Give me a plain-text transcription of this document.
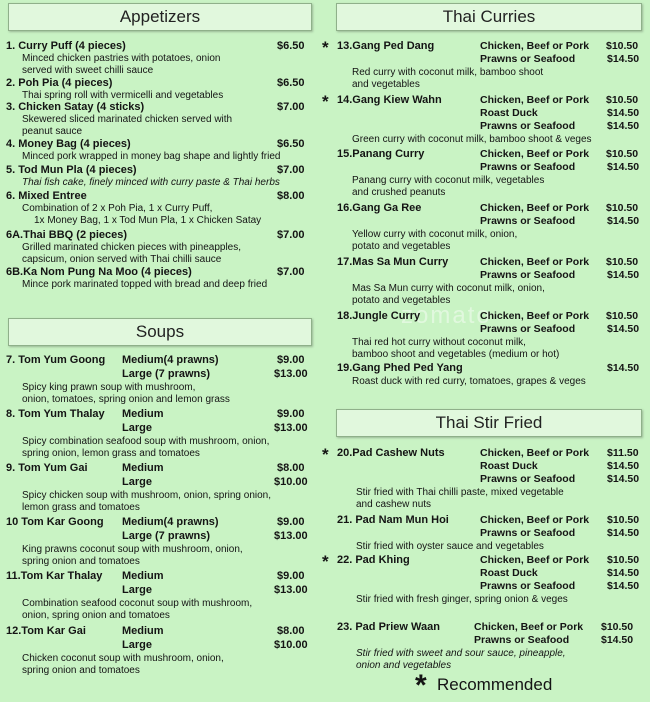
Appetizers
Soups
Thai Curries
Thai Stir Fried
zomato
1. Curry Puff (4 pieces)	$6.50
Minced chicken pastries with potatoes, onion
served with sweet chilli sauce
2. Poh Pia (4 pieces)	$6.50
Thai spring roll with vermicelli and vegetables
3. Chicken Satay (4 sticks)	$7.00
Skewered sliced marinated chicken served with
peanut sauce
4. Money Bag (4 pieces)	$6.50
Minced pork wrapped in money bag shape and lightly fried
5. Tod Mun Pla (4 pieces)	$7.00
Thai fish cake, finely minced with curry paste & Thai herbs
6. Mixed Entree	$8.00
Combination of 2 x Poh Pia, 1 x Curry Puff,
1x Money Bag, 1 x Tod Mun Pla, 1 x Chicken Satay
6A.Thai BBQ (2 pieces)	$7.00
Grilled marinated chicken pieces with pineapples,
capsicum, onion served with Thai chilli sauce
6B.Ka Nom Pung Na Moo (4 pieces)	$7.00
Mince pork marinated topped with bread and deep fried
7. Tom Yum Goong Medium(4 prawns)	$9.00
Large (7 prawns)	$13.00
Spicy king prawn soup with mushroom,
onion, tomatoes, spring onion and lemon grass
8. Tom Yum Thalay Medium	$9.00
Large	$13.00
Spicy combination seafood soup with mushroom, onion,
spring onion, lemon grass and tomatoes
9. Tom Yum Gai	Medium	$8.00
Large	$10.00
Spicy chicken soup with mushroom, onion, spring onion,
lemon grass and tomatoes
10 Tom Kar Goong Medium(4 prawns)	$9.00
Large (7 prawns)	$13.00
King prawns coconut soup with mushroom, onion,
spring onion and tomatoes
11.Tom Kar Thalay Medium	$9.00
Large	$13.00
Combination seafood coconut soup with mushroom,
onion, spring onion and tomatoes
12.Tom Kar Gai	Medium	$8.00
Large	$10.00
Chicken coconut soup with mushroom, onion,
spring onion and tomatoes
* 13.Gang Ped Dang	Chicken, Beef or Pork $10.50
Prawns or Seafood	$14.50
Red curry with coconut milk, bamboo shoot
and vegetables
* 14.Gang Kiew Wahn	Chicken, Beef or Pork $10.50
Roast Duck	$14.50
Prawns or Seafood	$14.50
Green curry with coconut milk, bamboo shoot & veges
15.Panang Curry	Chicken, Beef or Pork $10.50
Prawns or Seafood	$14.50
Panang curry with coconut milk, vegetables
and crushed peanuts
16.Gang Ga Ree	Chicken, Beef or Pork $10.50
Prawns or Seafood	$14.50
Yellow curry with coconut milk, onion,
potato and vegetables
17.Mas Sa Mun Curry	Chicken, Beef or Pork $10.50
Prawns or Seafood	$14.50
Mas Sa Mun curry with coconut milk, onion,
potato and vegetables
18.Jungle Curry	Chicken, Beef or Pork $10.50
Prawns or Seafood	$14.50
Thai red hot curry without coconut milk,
bamboo shoot and vegetables (medium or hot)
19.Gang Phed Ped Yang	$14.50
Roast duck with red curry, tomatoes, grapes & veges
* 20.Pad Cashew Nuts	Chicken, Beef or Pork $11.50
Roast Duck	$14.50
Prawns or Seafood	$14.50
Stir fried with Thai chilli paste, mixed vegetable
and cashew nuts
21. Pad Nam Mun Hoi	Chicken, Beef or Pork $10.50
Prawns or Seafood	$14.50
Stir fried with oyster sauce and vegetables
* 22. Pad Khing	Chicken, Beef or Pork $10.50
Roast Duck	$14.50
Prawns or Seafood	$14.50
Stir fried with fresh ginger, spring onion & veges
23. Pad Priew Waan	Chicken, Beef or Pork $10.50
Prawns or Seafood	$14.50
Stir fried with sweet and sour sauce, pineapple,
onion and vegetables
* Recommended
